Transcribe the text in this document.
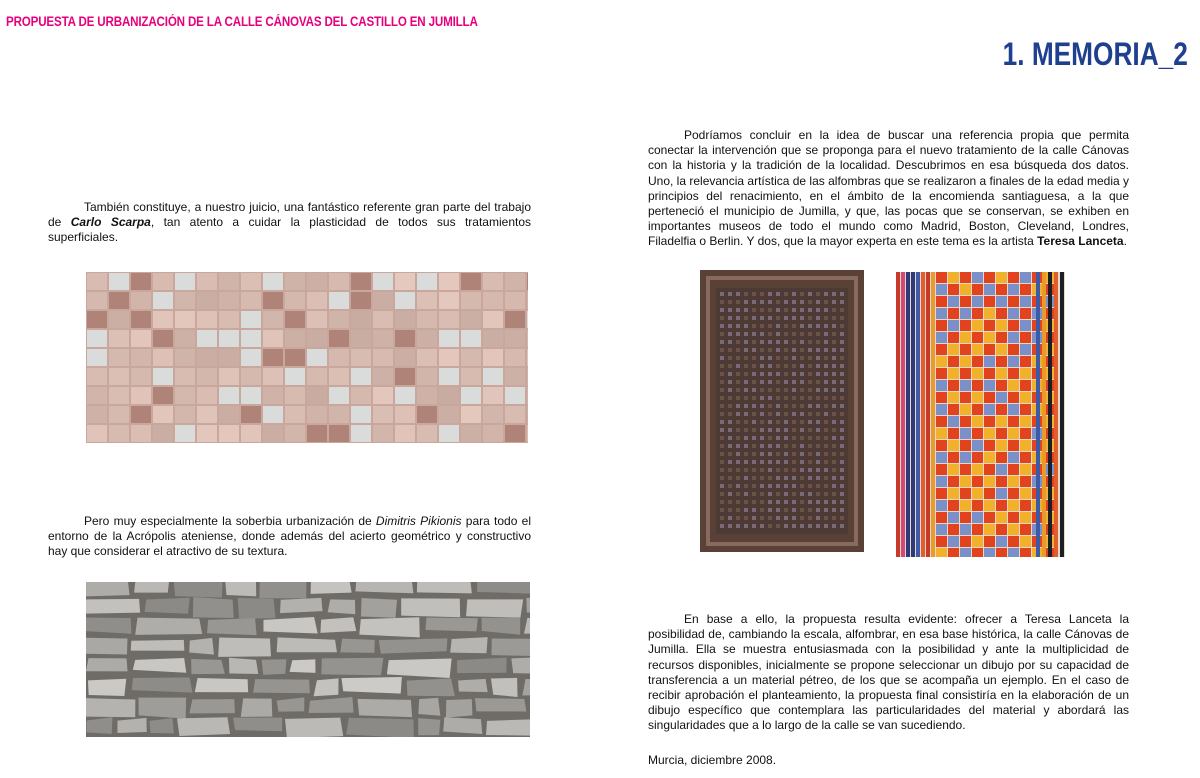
PROPUESTA DE URBANIZACIÓN DE LA CALLE CÁNOVAS DEL CASTILLO EN JUMILLA
1. MEMORIA_2

También constituye, a nuestro juicio, una fantástico referente gran parte del trabajo de Carlo Scarpa, tan atento a cuidar la plasticidad de todos sus tratamientos superficiales.

Pero muy especialmente la soberbia urbanización de Dimitris Pikionis para todo el entorno de la Acrópolis ateniense, donde además del acierto geométrico y constructivo hay que considerar el atractivo de su textura.

Podríamos concluir en la idea de buscar una referencia propia que permita conectar la intervención que se proponga para el nuevo tratamiento de la calle Cánovas con la historia y la tradición de la localidad. Descubrimos en esa búsqueda dos datos. Uno, la relevancia artística de las alfombras que se realizaron a finales de la edad media y principios del renacimiento, en el ámbito de la encomienda santiaguesa, a la que perteneció el municipio de Jumilla, y que, las pocas que se conservan, se exhiben en importantes museos de todo el mundo como Madrid, Boston, Cleveland, Londres, Filadelfia o Berlin. Y dos, que la mayor experta en este tema es la artista Teresa Lanceta.

En base a ello, la propuesta resulta evidente: ofrecer a Teresa Lanceta la posibilidad de, cambiando la escala, alfombrar, en esa base histórica, la calle Cánovas de Jumilla. Ella se muestra entusiasmada con la posibilidad y ante la multiplicidad de recursos disponibles, inicialmente se propone seleccionar un dibujo por su capacidad de transferencia a un material pétreo, de los que se acompaña un ejemplo. En el caso de recibir aprobación el planteamiento, la propuesta final consistiría en la elaboración de un dibujo específico que contemplara las particularidades del material y abordará las singularidades que a lo largo de la calle se van sucediendo.

Murcia, diciembre 2008.
